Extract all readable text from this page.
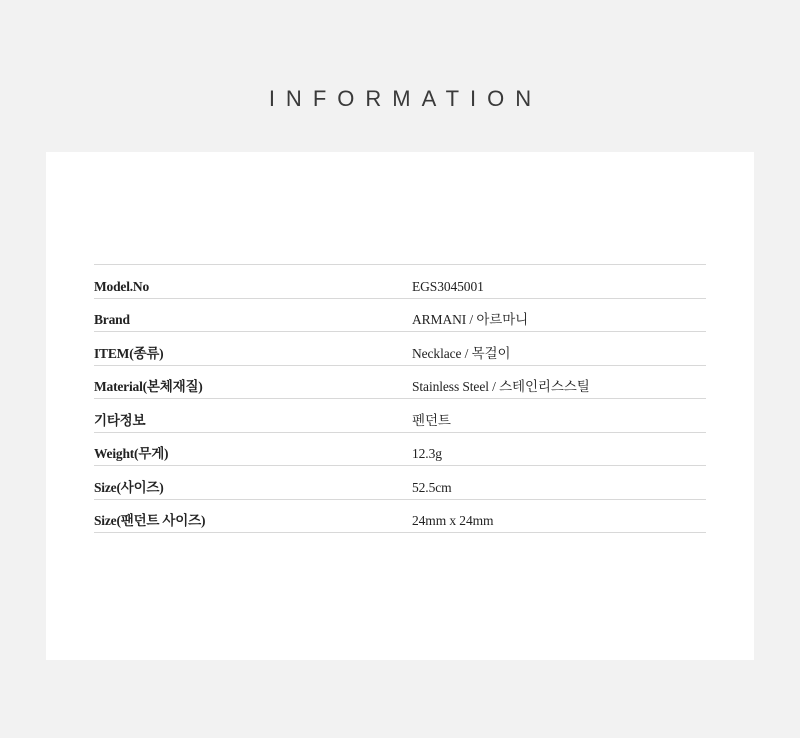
INFORMATION
Model.No	EGS3045001
Brand	ARMANI / 아르마니
ITEM(종류)	Necklace / 목걸이
Material(본체재질)	Stainless Steel / 스테인리스스틸
기타정보	펜던트
Weight(무게)	12.3g
Size(사이즈)	52.5cm
Size(팬던트 사이즈)	24mm x 24mm
